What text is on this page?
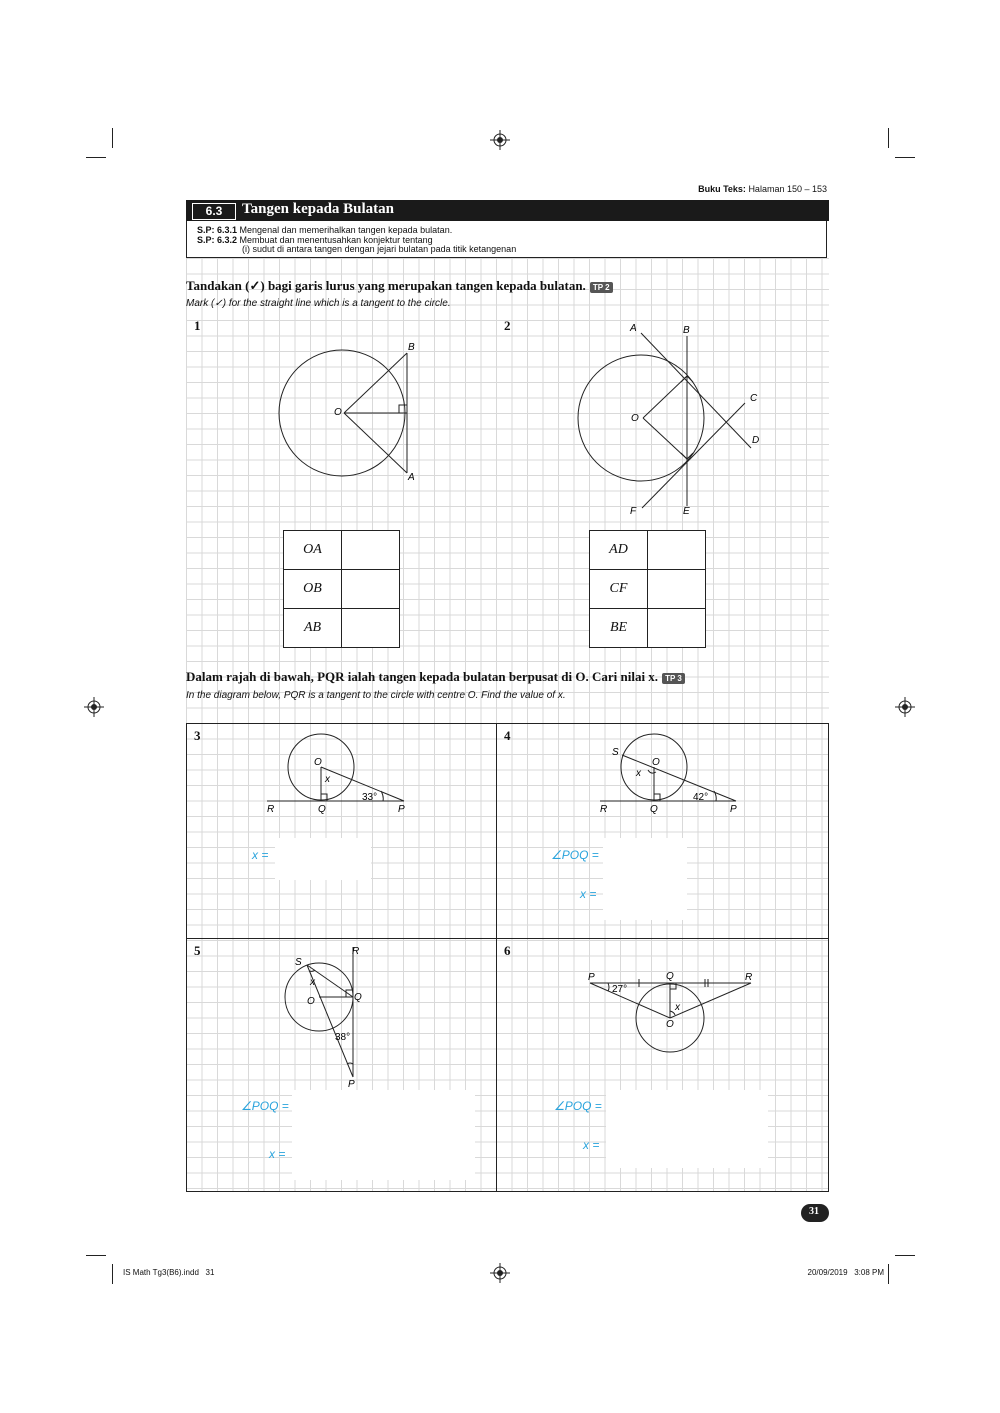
Buku Teks: Halaman 150 – 153
6.3	Tangen kepada Bulatan
S.P: 6.3.1 Mengenal dan memerihalkan tangen kepada bulatan.
S.P: 6.3.2 Membuat dan menentusahkan konjektur tentang
(i) sudut di antara tangen dengan jejari bulatan pada titik ketangenan
Tandakan (✓) bagi garis lurus yang merupakan tangen kepada bulatan. TP 2
Mark (✓) for the straight line which is a tangent to the circle.
1
B
O
A
OA	
OB	
AB	
2	A	B
C
D
O
F	E
AD	
CF	
BE	
Dalam rajah di bawah, PQR ialah tangen kepada bulatan berpusat di O. Cari nilai x. TP 3
In the diagram below, PQR is a tangent to the circle with centre O. Find the value of x.
3
O
x
33°
R	Q	P
x =
4
S
O
x
42°
R	Q	P
∠POQ =
x =
5	R
S
x
O	Q
38°
P
∠POQ =
x =
6
P	Q	R
27°
x
O
∠POQ =
x =
31
IS Math Tg3(B6).indd   31	20/09/2019   3:08 PM
